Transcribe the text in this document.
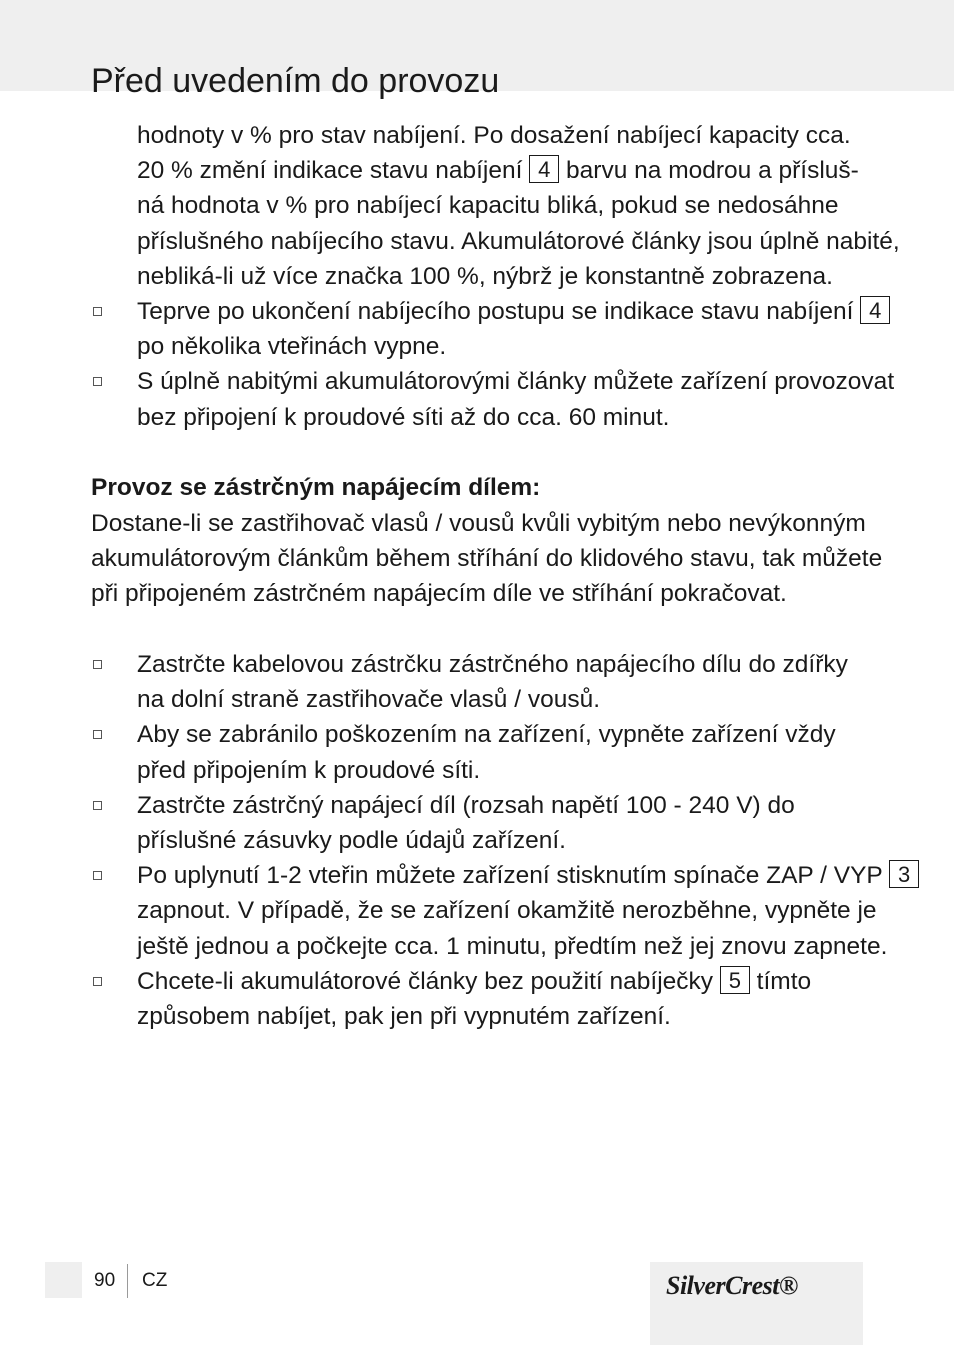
Před uvedením do provozu

hodnoty v % pro stav nabíjení. Po dosažení nabíjecí kapacity cca.

20 % změní indikace stavu nabíjení 4 barvu na modrou a přísluš-

ná hodnota v % pro nabíjecí kapacitu bliká, pokud se nedosáhne

příslušného nabíjecího stavu. Akumulátorové články jsou úplně nabité,

nebliká-li už více značka 100 %, nýbrž je konstantně zobrazena.

Teprve po ukončení nabíjecího postupu se indikace stavu nabíjení 4

po několika vteřinách vypne.

S úplně nabitými akumulátorovými články můžete zařízení provozovat

bez připojení k proudové síti až do cca. 60 minut.

Provoz se zástrčným napájecím dílem:

Dostane-li se zastřihovač vlasů / vousů kvůli vybitým nebo nevýkonným

akumulátorovým článkům během stříhání do klidového stavu, tak můžete

při připojeném zástrčném napájecím díle ve stříhání pokračovat.

Zastrčte kabelovou zástrčku zástrčného napájecího dílu do zdířky

na dolní straně zastřihovače vlasů / vousů.

Aby se zabránilo poškozením na zařízení, vypněte zařízení vždy

před připojením k proudové síti.

Zastrčte zástrčný napájecí díl (rozsah napětí 100 - 240 V) do

příslušné zásuvky podle údajů zařízení.

Po uplynutí 1-2 vteřin můžete zařízení stisknutím spínače ZAP / VYP 3

zapnout. V případě, že se zařízení okamžitě nerozběhne, vypněte je

ještě jednou a počkejte cca. 1 minutu, předtím než jej znovu zapnete.

Chcete-li akumulátorové články bez použití nabíječky 5 tímto

způsobem nabíjet, pak jen při vypnutém zařízení.

90 CZ	SilverCrest®
